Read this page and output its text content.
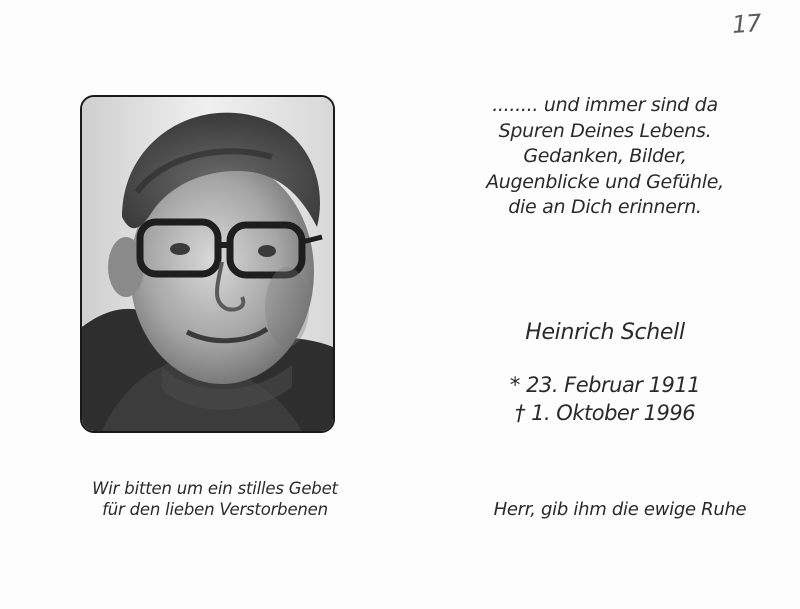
17
........ und immer sind da
Spuren Deines Lebens.
Gedanken, Bilder,
Augenblicke und Gefühle,
die an Dich erinnern.
Heinrich Schell
* 23. Februar 1911
† 1. Oktober 1996
Wir bitten um ein stilles Gebet
für den lieben Verstorbenen	Herr, gib ihm die ewige Ruhe
